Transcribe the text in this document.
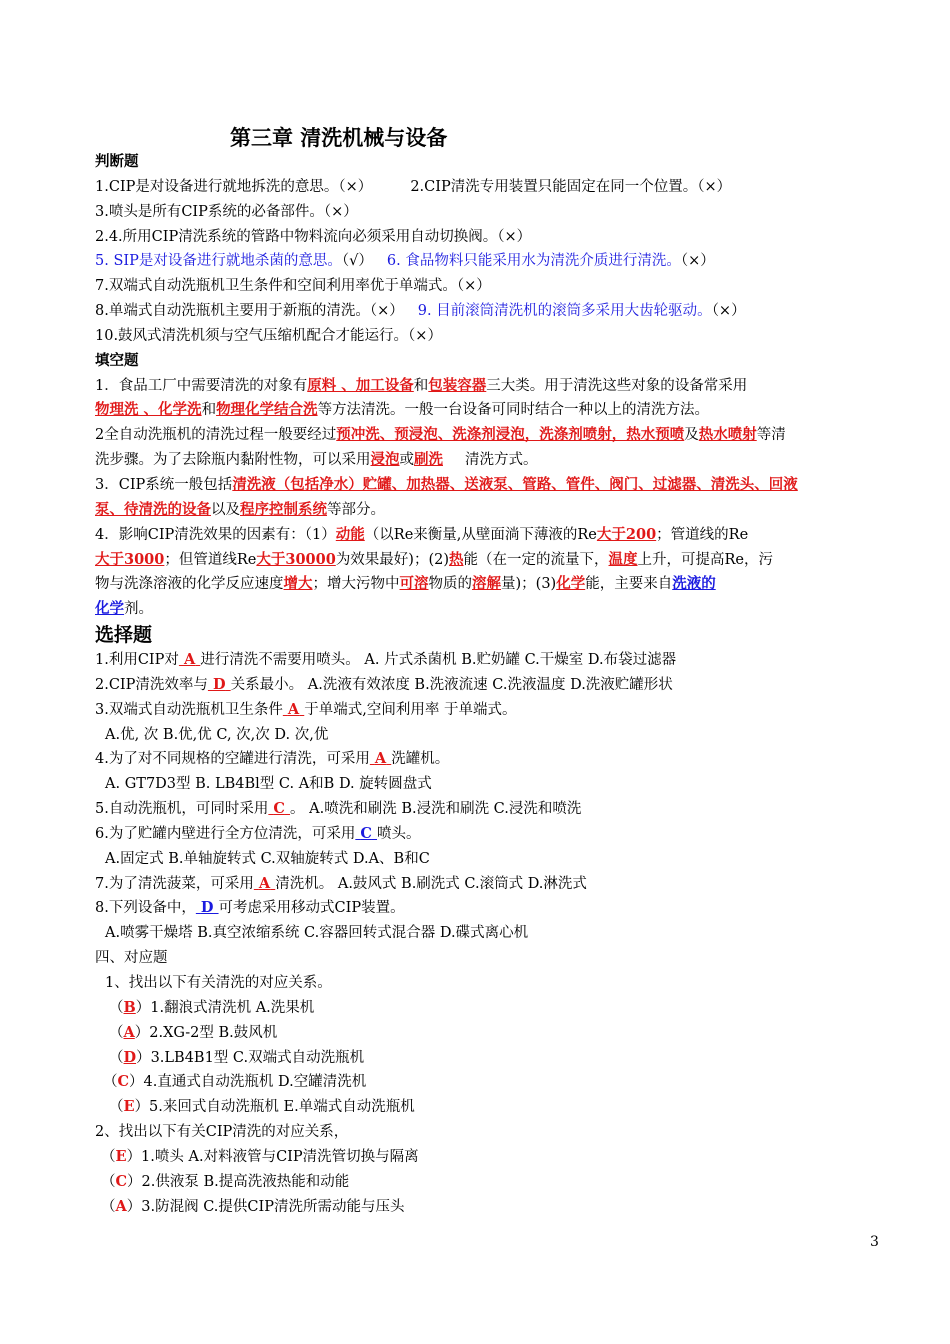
第三章 清洗机械与设备
判断题
1.CIP是对设备进行就地拆洗的意思。（×）	2.CIP清洗专用装置只能固定在同一个位置。（×）
3.喷头是所有CIP系统的必备部件。（×）
2.4.所用CIP清洗系统的管路中物料流向必须采用自动切换阀。（×）
5. SIP是对设备进行就地杀菌的意思。（√） 6. 食品物料只能采用水为清洗介质进行清洗。（×）
7.双端式自动洗瓶机卫生条件和空间利用率优于单端式。（×）
8.单端式自动洗瓶机主要用于新瓶的清洗。（×） 9. 目前滚筒清洗机的滚筒多采用大齿轮驱动。（×）
10.鼓风式清洗机须与空气压缩机配合才能运行。（×）
填空题
1．食品工厂中需要清洗的对象有原料 、加工设备和包装容器三大类。用于清洗这些对象的设备常采用
物理洗 、化学洗和物理化学结合洗等方法清洗。一般一台设备可同时结合一种以上的清洗方法。
2全自动洗瓶机的清洗过程一般要经过预冲洗、预浸泡、洗涤剂浸泡，洗涤剂喷射，热水预喷及热水喷射等清
洗步骤。为了去除瓶内黏附性物，可以采用浸泡或刷洗 清洗方式。
3．CIP系统一般包括清洗液（包括净水）贮罐、加热器、送液泵、管路、管件、阀门、过滤器、清洗头、回液
泵、待清洗的设备以及程序控制系统等部分。
4．影响CIP清洗效果的因素有：（1）动能（以Re来衡量,从壁面淌下薄液的Re大于200；管道线的Re
大于3000；但管道线Re大于30000为效果最好)；(2)热能（在一定的流量下，温度上升，可提高Re，污
物与洗涤溶液的化学反应速度增大；增大污物中可溶物质的溶解量)；(3)化学能，主要来自洗液的
化学剂。
选择题
1.利用CIP对 A 进行清洗不需要用喷头。 A. 片式杀菌机 B.贮奶罐 C.干燥室 D.布袋过滤器
2.CIP清洗效率与 D 关系最小。 A.洗液有效浓度 B.洗液流速 C.洗液温度 D.洗液贮罐形状
3.双端式自动洗瓶机卫生条件 A 于单端式,空间利用率 于单端式。
A.优, 次 B.优,优 C, 次,次 D. 次,优
4.为了对不同规格的空罐进行清洗，可采用 A 洗罐机。
A. GT7D3型 B. LB4Bl型 C. A和B D. 旋转圆盘式
5.自动洗瓶机，可同时采用 C 。 A.喷洗和刷洗 B.浸洗和刷洗 C.浸洗和喷洗
6.为了贮罐内壁进行全方位清洗，可采用 C 喷头。
A.固定式 B.单轴旋转式 C.双轴旋转式 D.A、B和C
7.为了清洗菠菜，可采用 A 清洗机。 A.鼓风式 B.刷洗式 C.滚筒式 D.淋洗式
8.下列设备中， D 可考虑采用移动式CIP装置。
A.喷雾干燥塔 B.真空浓缩系统 C.容器回转式混合器 D.碟式离心机
四、对应题
1、找出以下有关清洗的对应关系。
（B）1.翻浪式清洗机 A.洗果机
（A）2.XG-2型 B.鼓风机
（D）3.LB4B1型 C.双端式自动洗瓶机
（C）4.直通式自动洗瓶机 D.空罐清洗机
（E）5.来回式自动洗瓶机 E.单端式自动洗瓶机
2、找出以下有关CIP清洗的对应关系，
（E）1.喷头 A.对料液管与CIP清洗管切换与隔离
（C）2.供液泵 B.提高洗液热能和动能
（A）3.防混阀 C.提供CIP清洗所需动能与压头
3
